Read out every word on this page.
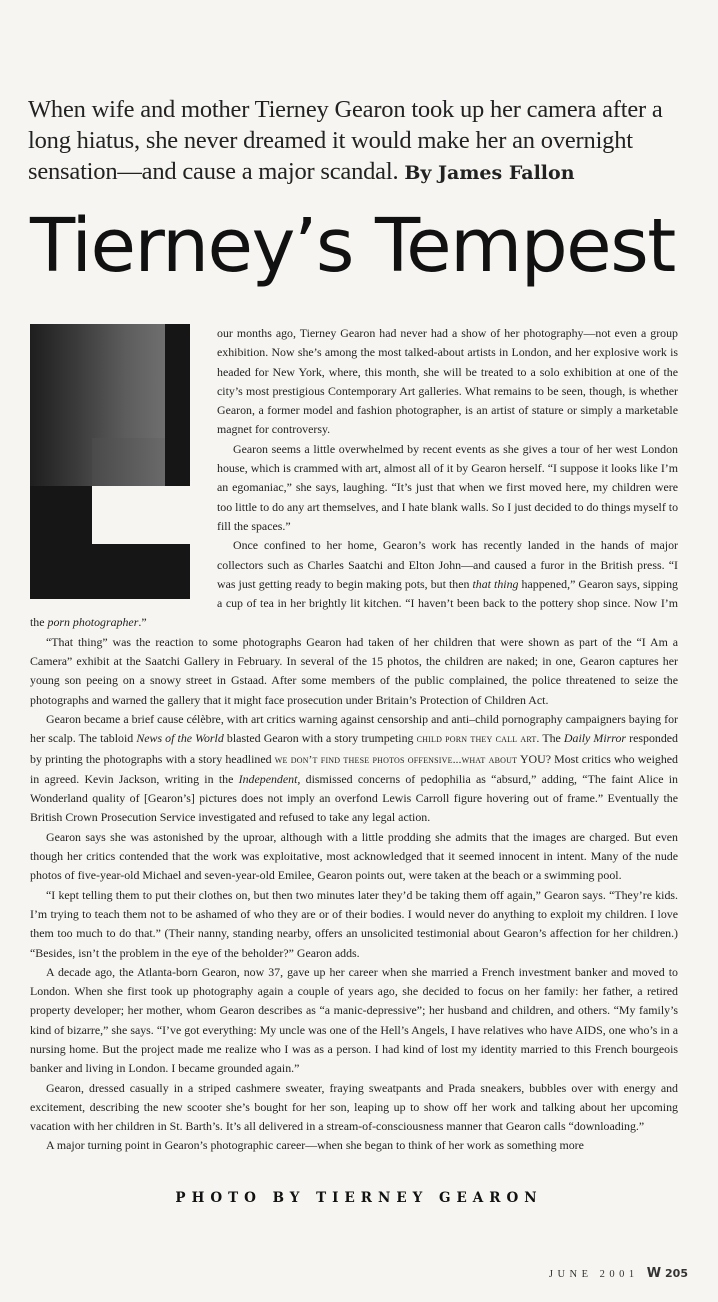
When wife and mother Tierney Gearon took up her camera after a long hiatus, she never dreamed it would make her an overnight sensation—and cause a major scandal. By James Fallon

Tierney’s Tempest

our months ago, Tierney Gearon had never had a show of her photography—not even a group exhibition. Now she’s among the most talked-about artists in London, and her explosive work is headed for New York, where, this month, she will be treated to a solo exhibition at one of the city’s most prestigious Contemporary Art galleries. What remains to be seen, though, is whether Gearon, a former model and fashion photographer, is an artist of stature or simply a marketable magnet for controversy.

Gearon seems a little overwhelmed by recent events as she gives a tour of her west London house, which is crammed with art, almost all of it by Gearon herself. “I suppose it looks like I’m an egomaniac,” she says, laughing. “It’s just that when we first moved here, my children were too little to do any art themselves, and I hate blank walls. So I just decided to do things myself to fill the spaces.”

Once confined to her home, Gearon’s work has recently landed in the hands of major collectors such as Charles Saatchi and Elton John—and caused a furor in the British press. “I was just getting ready to begin making pots, but then that thing happened,” Gearon says, sipping a cup of tea in her brightly lit kitchen. “I haven’t been back to the pottery shop since. Now I’m the porn photographer.”

“That thing” was the reaction to some photographs Gearon had taken of her children that were shown as part of the “I Am a Camera” exhibit at the Saatchi Gallery in February. In several of the 15 photos, the children are naked; in one, Gearon captures her young son peeing on a snowy street in Gstaad. After some members of the public complained, the police threatened to seize the photographs and warned the gallery that it might face prosecution under Britain’s Protection of Children Act.

Gearon became a brief cause célèbre, with art critics warning against censorship and anti–child pornography campaigners baying for her scalp. The tabloid News of the World blasted Gearon with a story trumpeting child porn they call art. The Daily Mirror responded by printing the photographs with a story headlined we don’t find these photos offensive...what about YOU? Most critics who weighed in agreed. Kevin Jackson, writing in the Independent, dismissed concerns of pedophilia as “absurd,” adding, “The faint Alice in Wonderland quality of [Gearon’s] pictures does not imply an overfond Lewis Carroll figure hovering out of frame.” Eventually the British Crown Prosecution Service investigated and refused to take any legal action.

Gearon says she was astonished by the uproar, although with a little prodding she admits that the images are charged. But even though her critics contended that the work was exploitative, most acknowledged that it seemed innocent in intent. Many of the nude photos of five-year-old Michael and seven-year-old Emilee, Gearon points out, were taken at the beach or a swimming pool.

“I kept telling them to put their clothes on, but then two minutes later they’d be taking them off again,” Gearon says. “They’re kids. I’m trying to teach them not to be ashamed of who they are or of their bodies. I would never do anything to exploit my children. I love them too much to do that.” (Their nanny, standing nearby, offers an unsolicited testimonial about Gearon’s affection for her children.) “Besides, isn’t the problem in the eye of the beholder?” Gearon adds.

A decade ago, the Atlanta-born Gearon, now 37, gave up her career when she married a French investment banker and moved to London. When she first took up photography again a couple of years ago, she decided to focus on her family: her father, a retired property developer; her mother, whom Gearon describes as “a manic-depressive”; her husband and children, and others. “My family’s kind of bizarre,” she says. “I’ve got everything: My uncle was one of the Hell’s Angels, I have relatives who have AIDS, one who’s in a nursing home. But the project made me realize who I was as a person. I had kind of lost my identity married to this French bourgeois banker and living in London. I became grounded again.”

Gearon, dressed casually in a striped cashmere sweater, fraying sweatpants and Prada sneakers, bubbles over with energy and excitement, describing the new scooter she’s bought for her son, leaping up to show off her work and talking about her upcoming vacation with her children in St. Barth’s. It’s all delivered in a stream-of-consciousness manner that Gearon calls “downloading.”

A major turning point in Gearon’s photographic career—when she began to think of her work as something more

PHOTO BY TIERNEY GEARON
JUNE 2001 W 205
